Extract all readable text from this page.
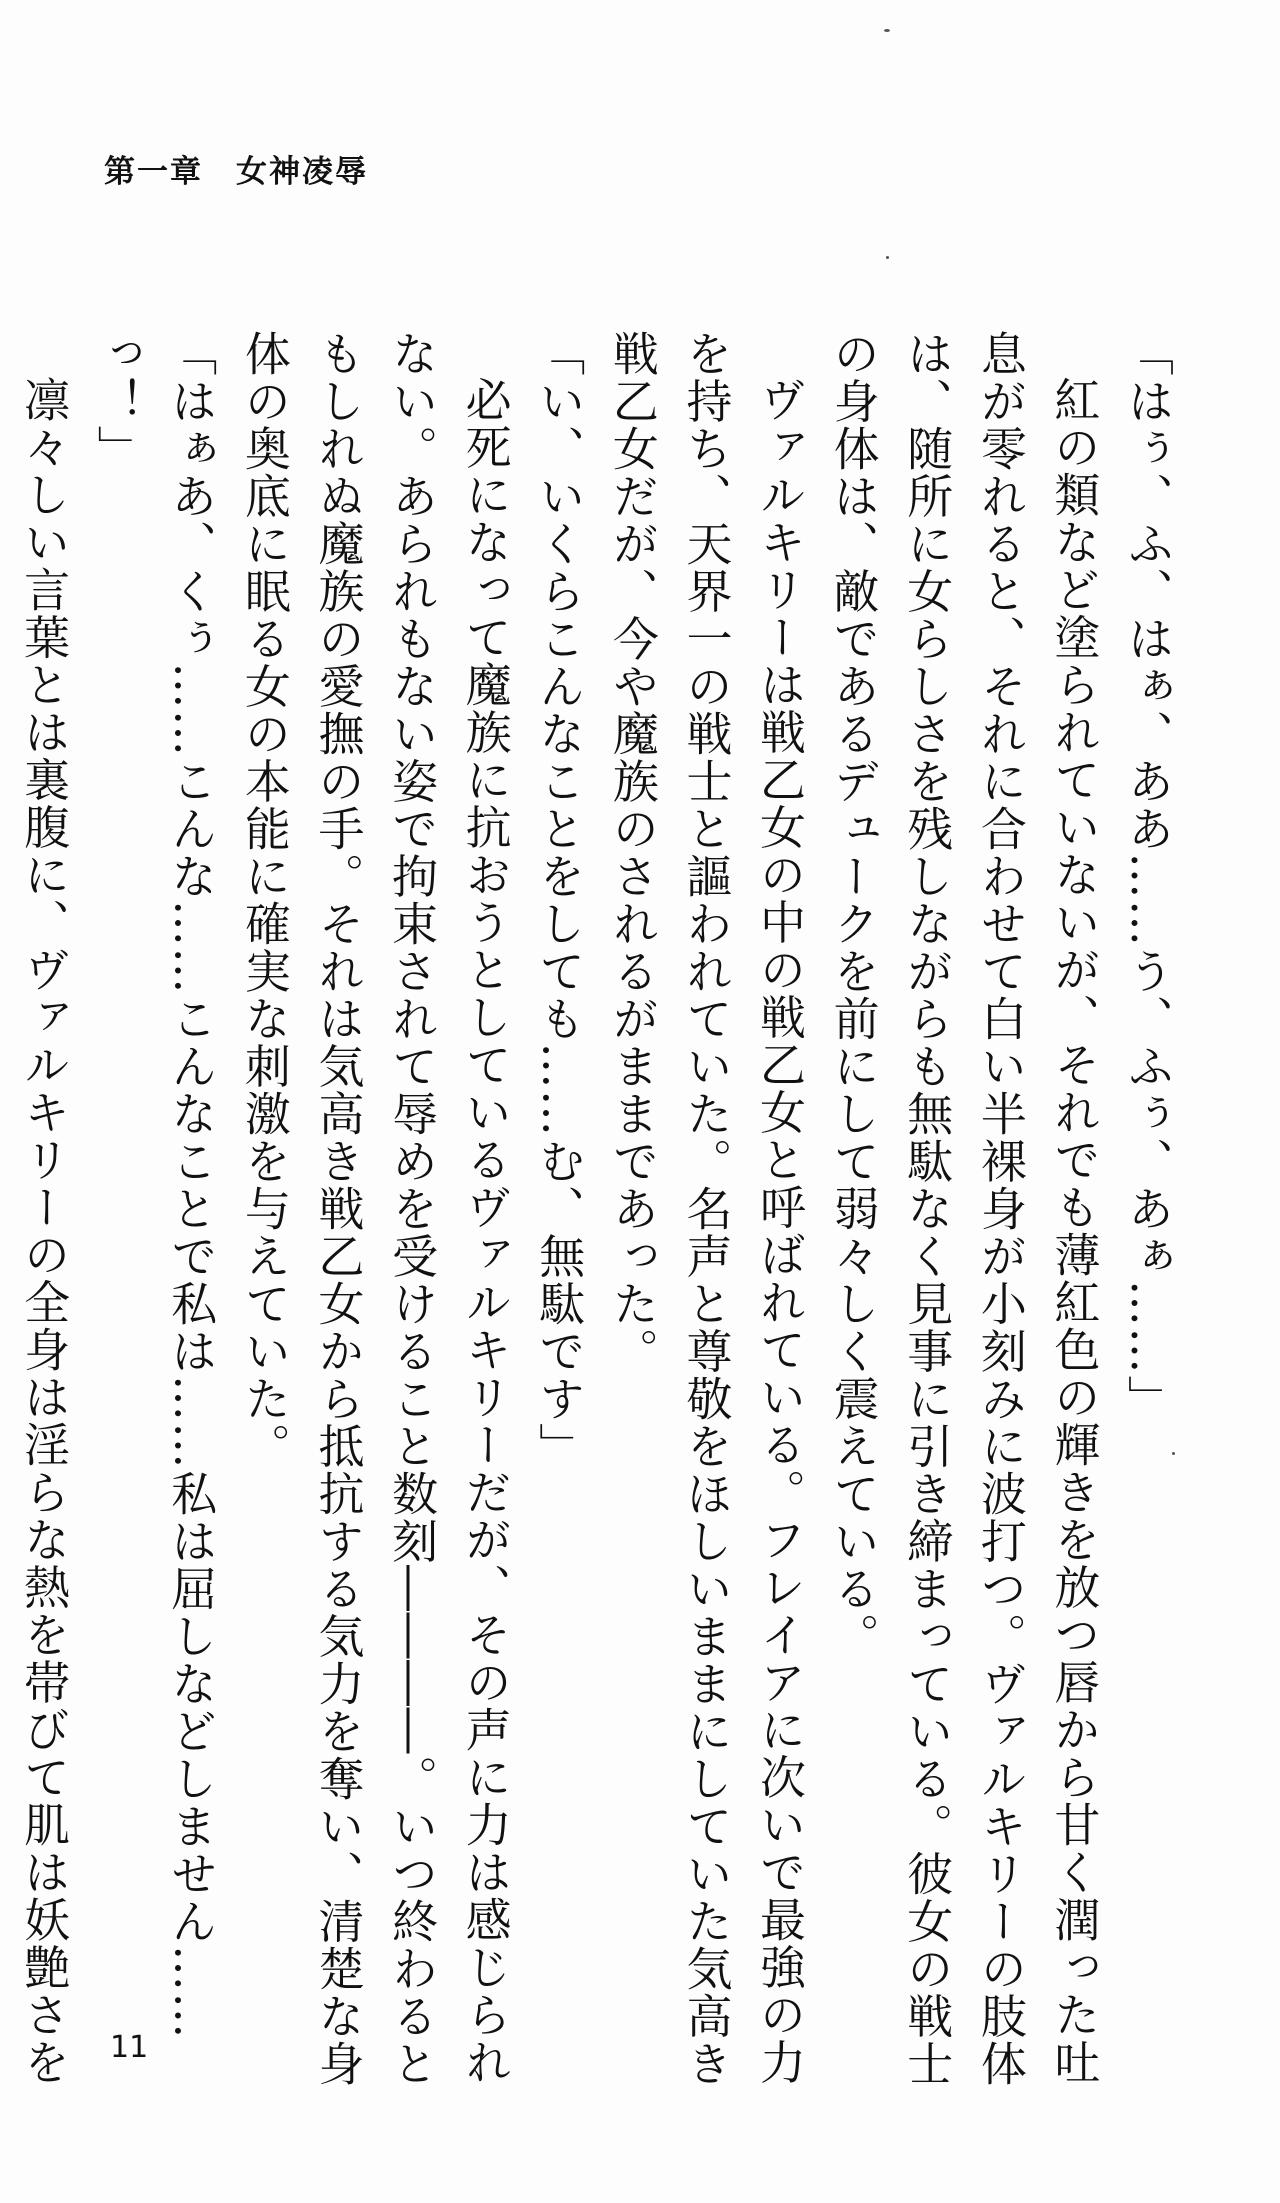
第一章　女神凌辱

「はぅ、ふ、はぁ、ああ……う、ふぅ、あぁ……」

紅の類など塗られていないが、それでも薄紅色の輝きを放つ唇から甘く潤った吐息が零れると、それに合わせて白い半裸身が小刻みに波打つ。ヴァルキリーの肢体は、随所に女らしさを残しながらも無駄なく見事に引き締まっている。彼女の戦士の身体は、敵であるデュークを前にして弱々しく震えている。

ヴァルキリーは戦乙女の中の戦乙女と呼ばれている。フレイアに次いで最強の力を持ち、天界一の戦士と謳われていた。名声と尊敬をほしいままにしていた気高き戦乙女だが、今や魔族のされるがままであった。

「い、いくらこんなことをしても……む、無駄です」

必死になって魔族に抗おうとしているヴァルキリーだが、その声に力は感じられない。あられもない姿で拘束されて辱めを受けること数刻――――。いつ終わるともしれぬ魔族の愛撫の手。それは気高き戦乙女から抵抗する気力を奪い、清楚な身体の奥底に眠る女の本能に確実な刺激を与えていた。

「はぁあ、くぅ……こんな……こんなことで私は……私は屈しなどしません……っ！」

凛々しい言葉とは裏腹に、ヴァルキリーの全身は淫らな熱を帯びて肌は妖艶さを	11
